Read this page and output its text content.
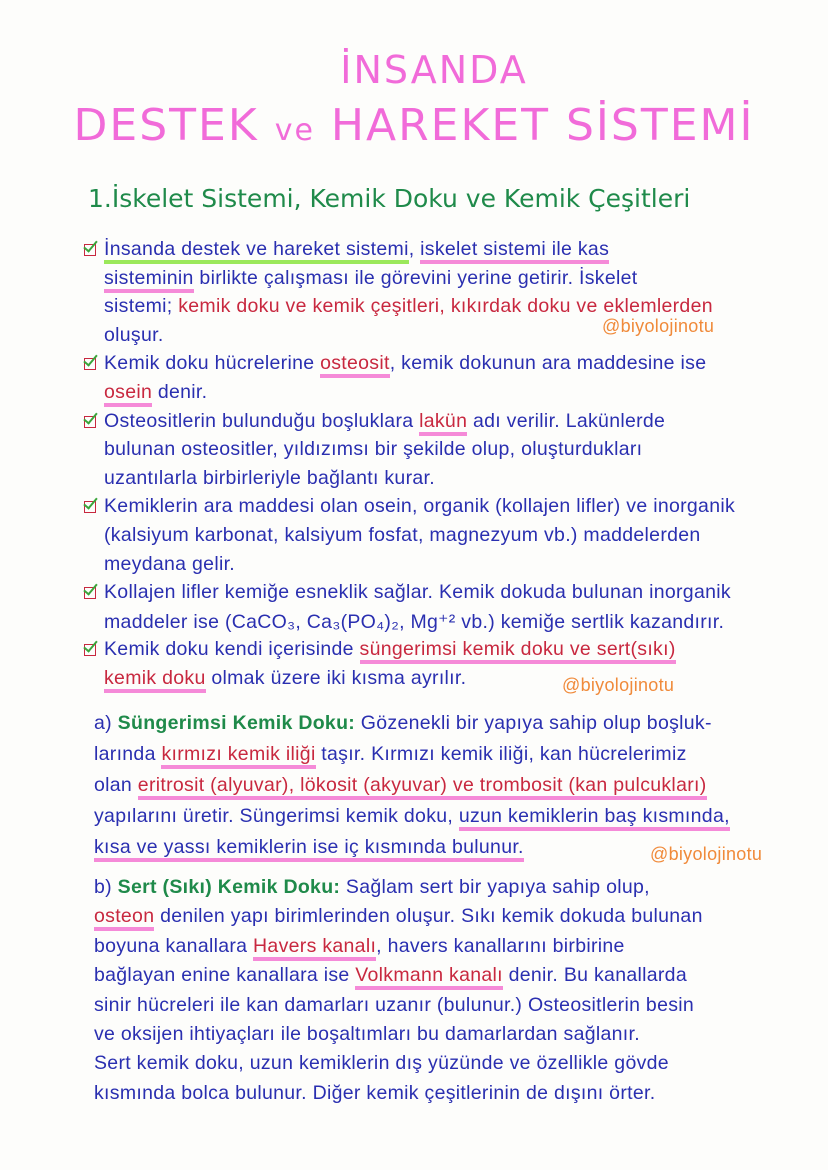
İNSANDA
DESTEK ve HAREKET SİSTEMİ
1.İskelet Sistemi, Kemik Doku ve Kemik Çeşitleri
İnsanda destek ve hareket sistemi, iskelet sistemi ile kas
sisteminin birlikte çalışması ile görevini yerine getirir. İskelet
sistemi; kemik doku ve kemik çeşitleri, kıkırdak doku ve eklemlerden
oluşur.	@biyolojinotu
Kemik doku hücrelerine osteosit, kemik dokunun ara maddesine ise
osein denir.
Osteositlerin bulunduğu boşluklara lakün adı verilir. Lakünlerde
bulunan osteositler, yıldızımsı bir şekilde olup, oluşturdukları
uzantılarla birbirleriyle bağlantı kurar.
Kemiklerin ara maddesi olan osein, organik (kollajen lifler) ve inorganik
(kalsiyum karbonat, kalsiyum fosfat, magnezyum vb.) maddelerden
meydana gelir.
Kollajen lifler kemiğe esneklik sağlar. Kemik dokuda bulunan inorganik
maddeler ise (CaCO₃, Ca₃(PO₄)₂, Mg⁺² vb.) kemiğe sertlik kazandırır.
Kemik doku kendi içerisinde süngerimsi kemik doku ve sert(sıkı)
kemik doku olmak üzere iki kısma ayrılır.	@biyolojinotu
a) Süngerimsi Kemik Doku: Gözenekli bir yapıya sahip olup boşluk-
larında kırmızı kemik iliği taşır. Kırmızı kemik iliği, kan hücrelerimiz
olan eritrosit (alyuvar), lökosit (akyuvar) ve trombosit (kan pulcukları)
yapılarını üretir. Süngerimsi kemik doku, uzun kemiklerin baş kısmında,
kısa ve yassı kemiklerin ise iç kısmında bulunur.	@biyolojinotu
b) Sert (Sıkı) Kemik Doku: Sağlam sert bir yapıya sahip olup,
osteon denilen yapı birimlerinden oluşur. Sıkı kemik dokuda bulunan
boyuna kanallara Havers kanalı, havers kanallarını birbirine
bağlayan enine kanallara ise Volkmann kanalı denir. Bu kanallarda
sinir hücreleri ile kan damarları uzanır (bulunur.) Osteositlerin besin
ve oksijen ihtiyaçları ile boşaltımları bu damarlardan sağlanır.
Sert kemik doku, uzun kemiklerin dış yüzünde ve özellikle gövde
kısmında bolca bulunur. Diğer kemik çeşitlerinin de dışını örter.
